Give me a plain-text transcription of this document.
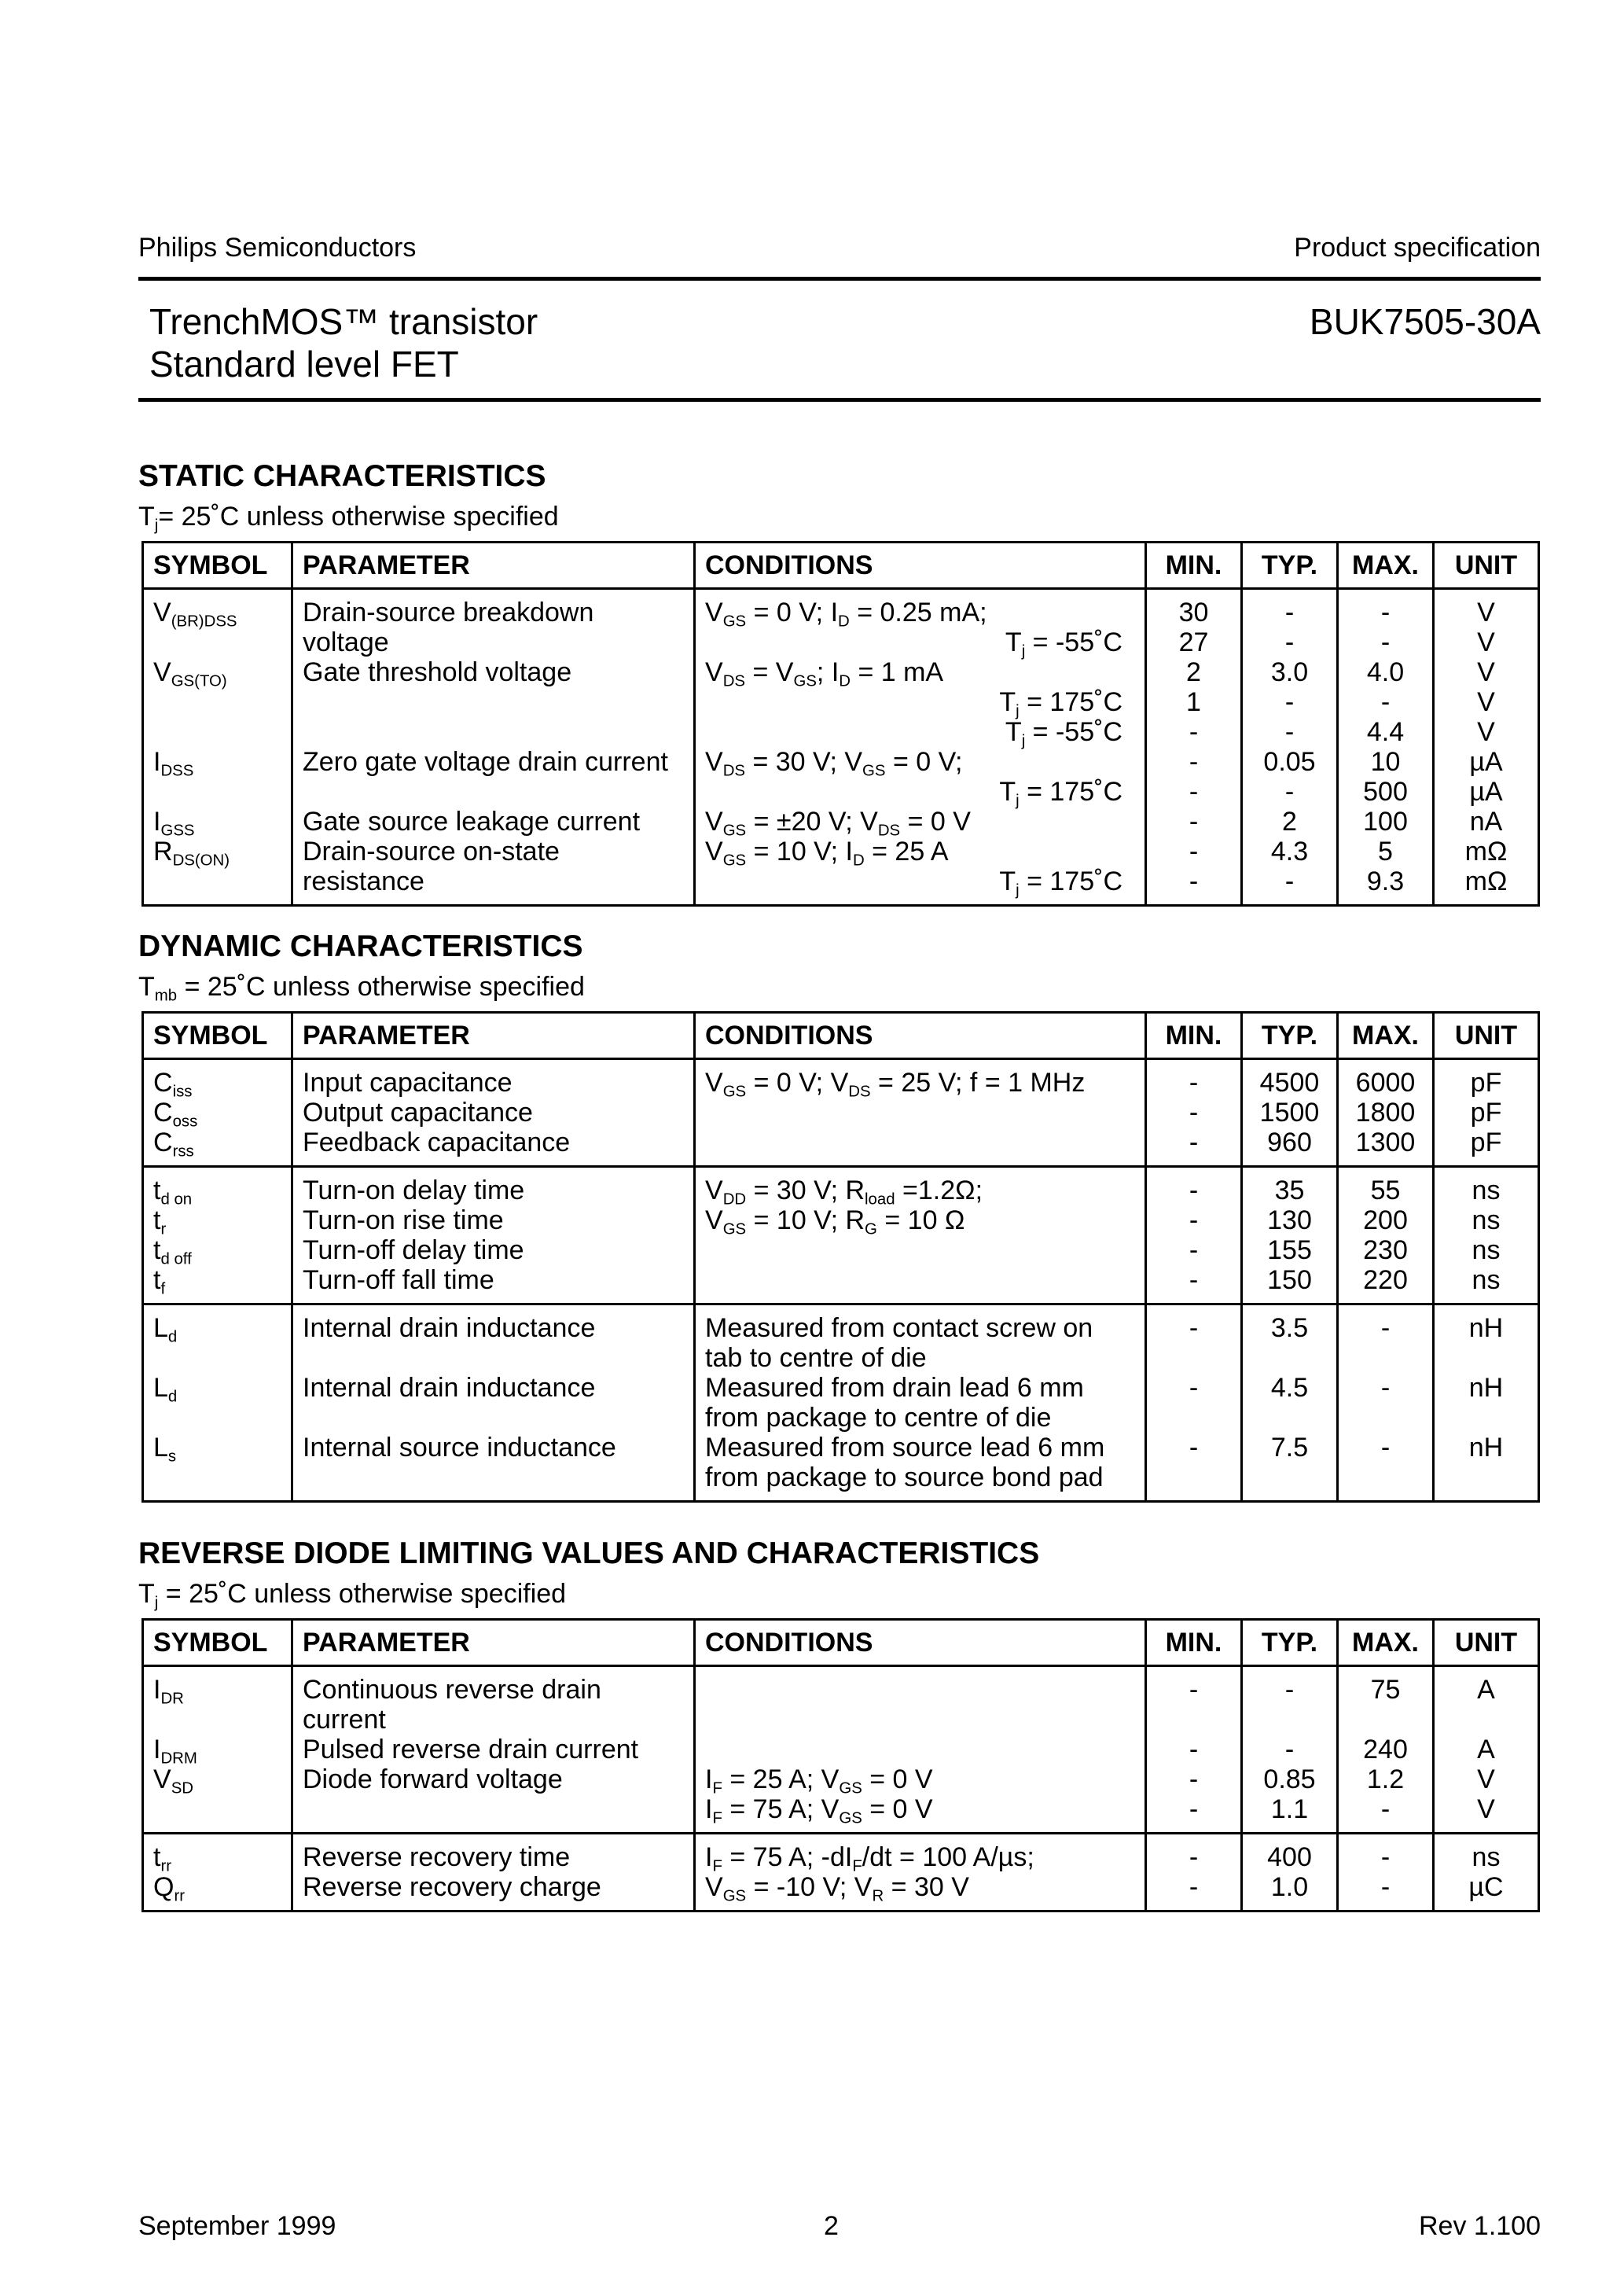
Philips Semiconductors	Product specification
TrenchMOS™ transistor
Standard level FET
BUK7505-30A
STATIC CHARACTERISTICS
$T_j=$ 25˚C unless otherwise specified
SYMBOL	PARAMETER	CONDITIONS	MIN.	TYP.	MAX.	UNIT
$V_{(BR)DSS}$	Drain-source breakdown	$V_{GS} = 0$ V; $I_D = 0.25$ mA;	30	-	-	V
	voltage	$T_j$ = -55˚C	27	-	-	V
$V_{GS(TO)}$	Gate threshold voltage	$V_{DS} = V_{GS}$; $I_D = 1$ mA	2	3.0	4.0	V

		$T_j$ = 175˚C	1	-	-	V

		$T_j$ = -55˚C	-	-	4.4	V
$I_{DSS}$	Zero gate voltage drain current	$V_{DS} = 30$ V; $V_{GS} = 0$ V;	-	0.05	10	µA

		$T_j$ = 175˚C	-	-	500	µA
$I_{GSS}$	Gate source leakage current	$V_{GS} = \pm 20$ V; $V_{DS} = 0$ V	-	2	100	nA
$R_{DS(ON)}$	Drain-source on-state	$V_{GS} = 10$ V; $I_D = 25$ A	-	4.3	5	mΩ
	resistance	$T_j$ = 175˚C	-	-	9.3	mΩ
DYNAMIC CHARACTERISTICS
$T_{mb}$ = 25˚C unless otherwise specified
SYMBOL	PARAMETER	CONDITIONS	MIN.	TYP.	MAX.	UNIT
$C_{iss}$	Input capacitance	$V_{GS} = 0$ V; $V_{DS} = 25$ V; f = 1 MHz	-	4500	6000	pF
$C_{oss}$	Output capacitance		-	1500	1800	pF
$C_{rss}$	Feedback capacitance		-	960	1300	pF
$t_{d on}$	Turn-on delay time	$V_{DD} = 30$ V; $R_{load} =1.2\Omega$;	-	35	55	ns
$t_r$	Turn-on rise time	$V_{GS} = 10$ V; $R_G = 10$ Ω	-	130	200	ns
$t_{d off}$	Turn-off delay time		-	155	230	ns
$t_f$	Turn-off fall time		-	150	220	ns
$L_d$	Internal drain inductance	Measured from contact screw on	-	3.5	-	nH
		tab to centre of die				
$L_d$	Internal drain inductance	Measured from drain lead 6 mm	-	4.5	-	nH
		from package to centre of die				
$L_s$	Internal source inductance	Measured from source lead 6 mm	-	7.5	-	nH
		from package to source bond pad				
REVERSE DIODE LIMITING VALUES AND CHARACTERISTICS
$T_j$ = 25˚C unless otherwise specified
SYMBOL	PARAMETER	CONDITIONS	MIN.	TYP.	MAX.	UNIT
$I_{DR}$	Continuous reverse drain		-	-	75	A
	current					
$I_{DRM}$	Pulsed reverse drain current		-	-	240	A
$V_{SD}$	Diode forward voltage	$I_F = 25$ A; $V_{GS} = 0$ V	-	0.85	1.2	V
		$I_F = 75$ A; $V_{GS} = 0$ V	-	1.1	-	V
$t_{rr}$	Reverse recovery time	$I_F = 75$ A; $-dI_F/dt = 100$ A/µs;	-	400	-	ns
$Q_{rr}$	Reverse recovery charge	$V_{GS} = -10$ V; $V_R = 30$ V	-	1.0	-	µC
September 1999	2	Rev 1.100
